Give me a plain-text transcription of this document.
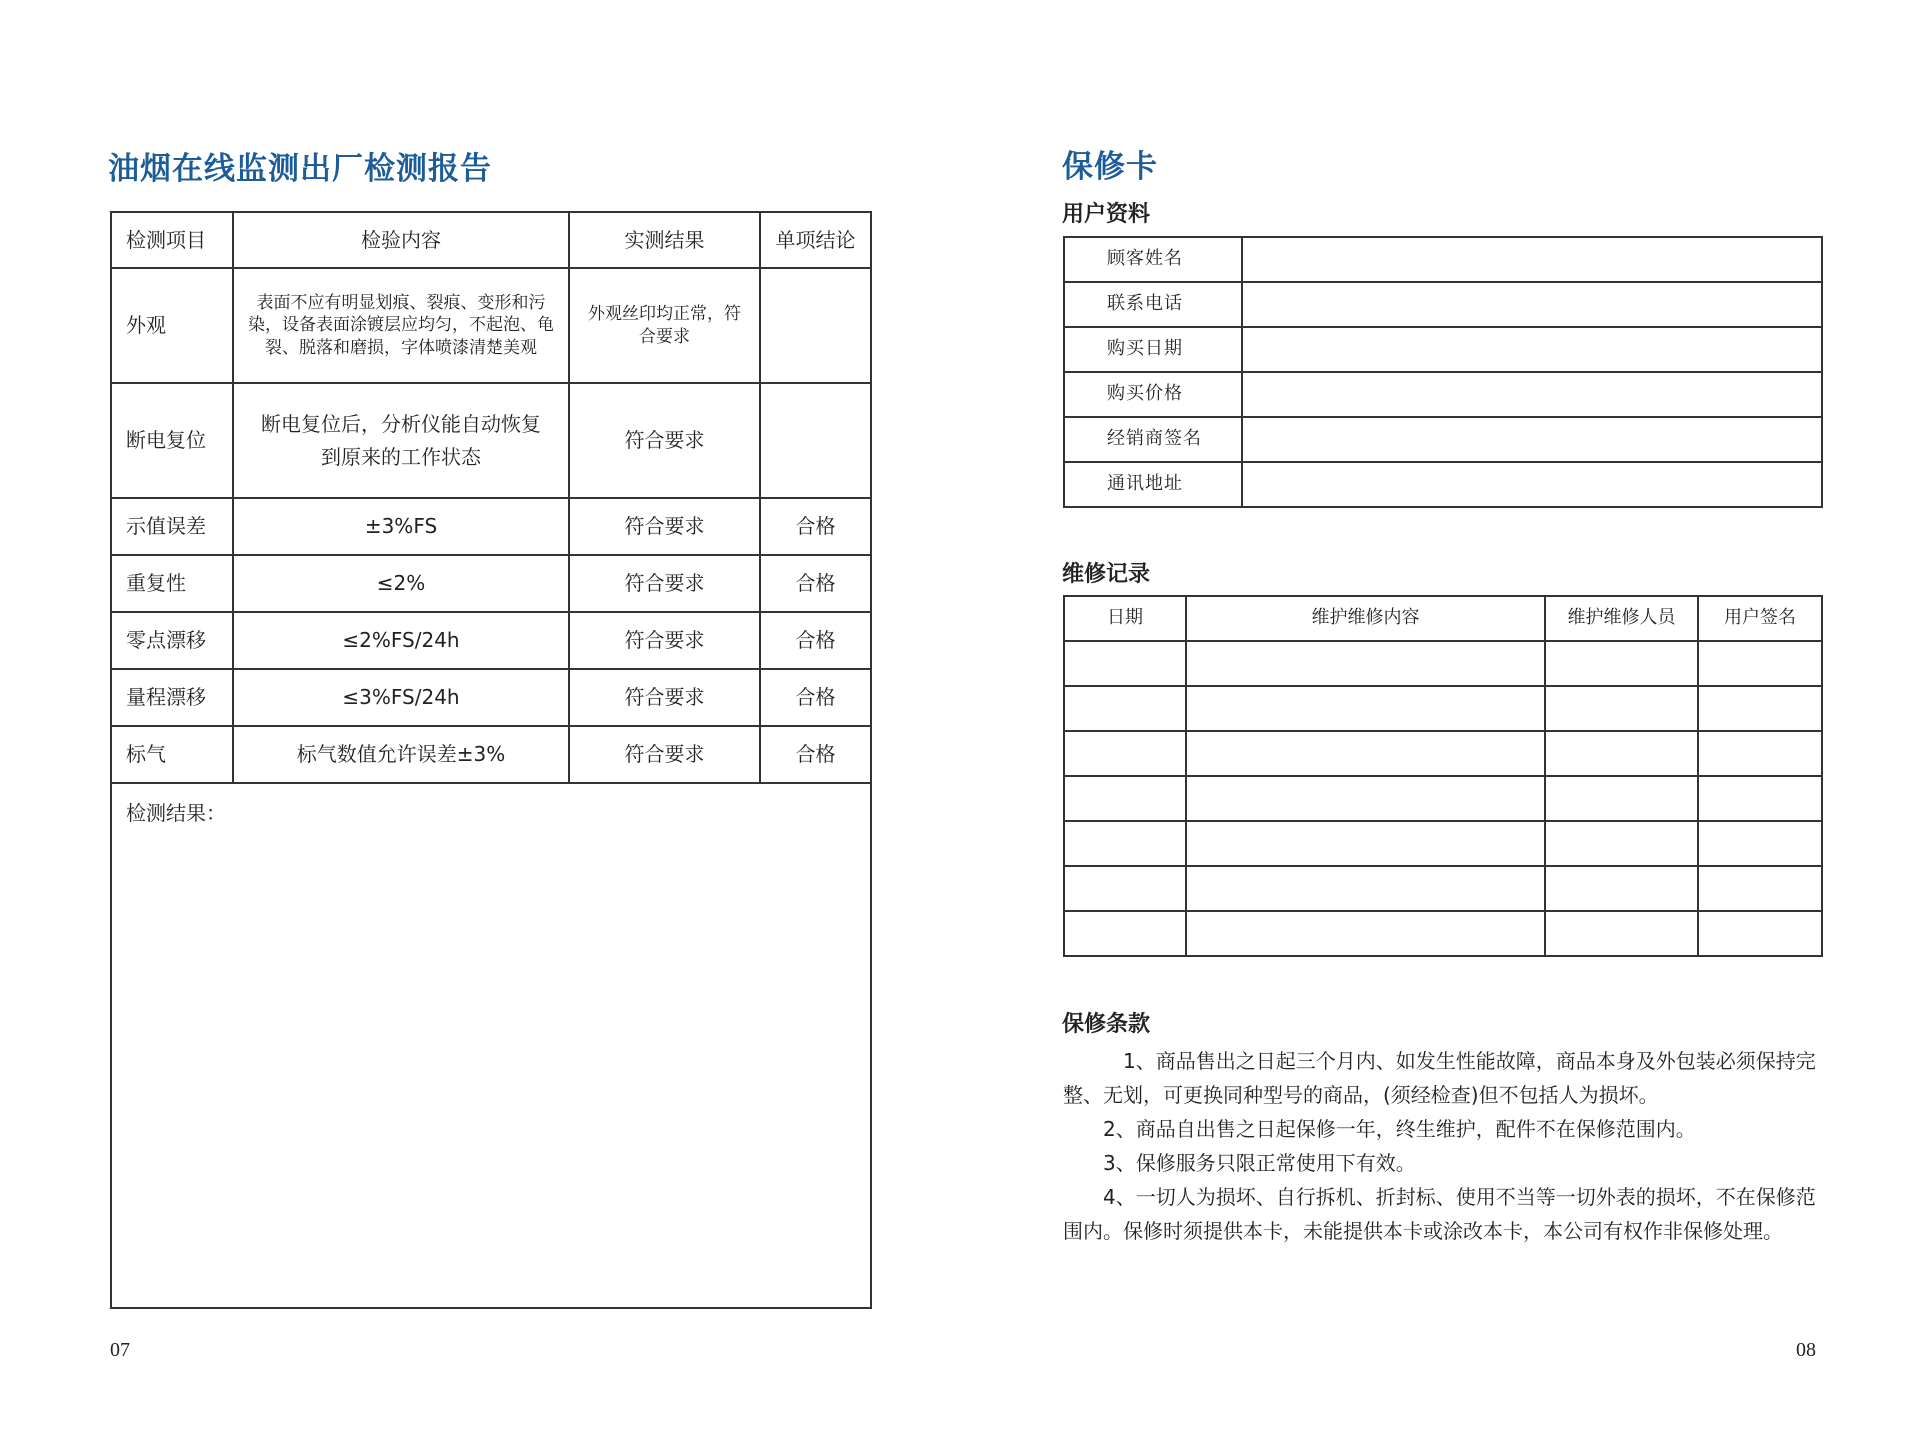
油烟在线监测出厂检测报告
检测项目	检验内容	实测结果	单项结论
外观	表面不应有明显划痕、裂痕、变形和污染，设备表面涂镀层应均匀，不起泡、龟裂、脱落和磨损，字体喷漆清楚美观	外观丝印均正常，符合要求	
断电复位	断电复位后，分析仪能自动恢复到原来的工作状态	符合要求	
示值误差	±3%FS	符合要求	合格
重复性	≤2%	符合要求	合格
零点漂移	≤2%FS/24h	符合要求	合格
量程漂移	≤3%FS/24h	符合要求	合格
标气	标气数值允许误差±3%	符合要求	合格
检测结果：			
07
保修卡
用户资料
顾客姓名	
联系电话	
购买日期	
购买价格	
经销商签名	
通讯地址	
维修记录
日期	维护维修内容	维护维修人员	用户签名

保修条款

1、商品售出之日起三个月内、如发生性能故障，商品本身及外包装必须保持完整、无划，可更换同种型号的商品，(须经检查)但不包括人为损坏。

2、商品自出售之日起保修一年，终生维护，配件不在保修范围内。

3、保修服务只限正常使用下有效。

4、一切人为损坏、自行拆机、折封标、使用不当等一切外表的损坏，不在保修范围内。保修时须提供本卡，未能提供本卡或涂改本卡，本公司有权作非保修处理。

08
